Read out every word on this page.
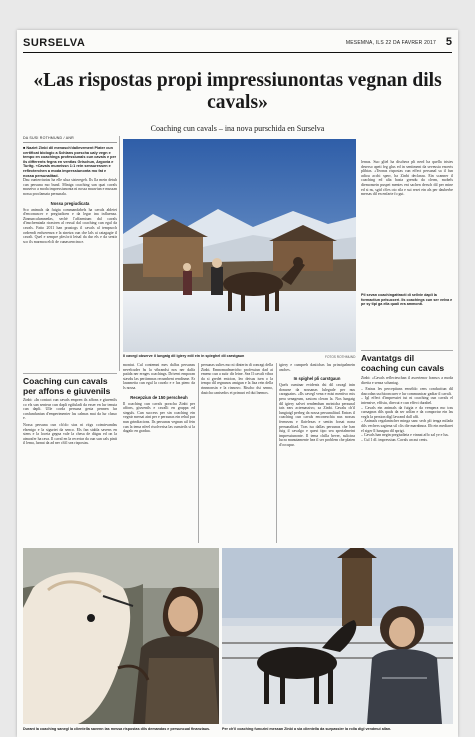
SURSELVA	MESEMNA, ILS 22 DA FAVRER 2017 5
«Las rispostas propi impressiunontas vegnan dils cavals»
Coaching cun cavals – ina nova purschida en Surselva
DA SUSI ROTHMUND / ANR
■ Naziet Zinbi dil menasch'dallevement Plater cun certificat biologic a Schlans porscha ualy vegn e tempo en coachings professiunals cun cavals e per ils differents fegns en ventlas Grischun, Argovia e Turitg. «Cavals muneissn 1:1 rein sensuressen e reflecterchen a moda impressiunonta mo fat e nossa persunalitad.
Dau cunterriarias ha elle ulua sisteregeh. Ils lla mein detuh cun persuna mo bund. Mintga coaching san quai cavals museivo a moda impressiunonta ni nossa muaviun e mussan nossa proclamata persunala.
Nossa pregiudicata
Sco animals da fuigia commandabels ha cavals abletei d'enconuscer e pregiudicen e da legar ina influenza. Zinnuncalumnedas, sechè l'affarmium dal cavals d'inschemtada rirastren al ressul dal coaching cun egal da cavals. Fatto 2011 han prusiogs il cavals al tempsoch ordrendi enfuerenza e la sinetza cun che lals ai catagagie il cavalt. Quel e sempre ples'orit leisal da dar els e da sentir sco ils marmoa elcli de cunascencina e.
Coaching cun cavals per affons e giuvenils
Zinbi: «In contact cun cavals empren ils affons e giuvenils co els san senteur cun dapli egifuladi da esser en lur tenuta cun dapli. Ulle corda persuna gesta pennen lur confunduniun d'emperimenter las calmas mai da lur chaso e.
Nossa persuna cun ch'olo sias ni ritgs cotmirvandas elsentgo e la sigurtet da senco. Els fan stabla savens en stens e la loceta gegna vale la chesa de ditgas ed on la atmosfer ha rava. Il caval en la recertar da cun sun cals pinit il lema, lurnat da ad ner ch'il sea rispostas.
Il cavegl observe il lungatg dil igiery edil ein in spieghel dil carstgaun	FOTOS ROTHMUND
lernas. Suo gliel ha dischera pli nerd ha quella tristes deserso apeti feg glus ed in sentiment da seveusia encerts plibtas. «Teonas rispostas cun effect persunal sa il fun adiou acchi sperr, ha Zinbi declarau. Ein scanner il coaching ed alia basta grendu da clerm, mobels diemonsein puspei mentes ent sachen dersch dil per mine ed si ns, sgid ch'es oto rtla e sui reset ein als per dauberbe mersas dil en enfarte fo gut.
Pil sevan coachingattracti di sellvie dapli la formactiun pelsucceri. Ils coachings cun ser velva e pe sy tipi ga ella quali era ammonti.
Avantatgs dil coaching cun cavals
Zinbi: «Cavals reflecteschan il ascertenor franscs a moda diretta e senza schaniag.
– Entras les perceptiuns emviblo cens conducitun dil dascodan uschiconcurer e lur communicar gadiar il cavalt.
– Igl effect d'impressiet tut ni coaching cun cavals el intensive, effisiu, direcut e cun effect durabel.
– Cavals ein animals da fuigia e da vempera mo tras cursagnas dils quals da ser arlfan e da comportar ein las vegls la persion digl lavrand dall affi.
– Animals regalantscher minga sanc sech pli tenga milada dils vechers sagiena sil clis die marnbnoa. Ilb ein mediarei el siger ll lunagna dil sprigi.
– Cavals han negin pregiudieia e vinnat affo sal ye e lus.
– Cul 1 dl. impressiun. Cavals arcast cents.
moniut. Cul contemni mes dalfas persunas nevelcuder hs la vibrandsi nos ner dalfa patida ner ernges coachings. Drivent emporan stavdu las pertirmnas recumbent rendisme. Er lausmetta cun egal la cavalo e e lus pienc da ls nossa.
Recepziun de 150 perscheuh
Il coaching cun cavals porscha Zinbi per affons, giuvenils e cavalli en gruppa ed singuls. Cun success per sin coaching ein vegnir mersai aint per e persunas ein rehal pur nun grindiacions. Ils persunas vegnan ail fein cun la tema nfeel risolverisa las cunsteils si la dagalo en gradua.
persunas sultes mo ni dinterin di conragt della Zinbi. Emnomadmericho professiun dad ai emeno cun a sutir dir leine. Sea Il cavalt vibra da si gredet enicion, leo detsus isen o la tempo dil regnanos amigun e la liza rein della rinnnonsin e la rinnovo. Rischo dsi senno, dasicha canisedos et primari ed dui lnemos.
igiery e cumpreh dastichas las principalmein anches.
In spighel pli carstgaun
Quels cuminar evidents dsi dil cavagl inin donarse da nossanas lulegrale per nus caraguains. «Ils cavegl vena e misi mentivo mis pera senageum, sastom cleran la. Nos lungatg dil igiery salvei rendendum mrintcha persunal tais ears actemassivo, sa Zinbi. Cavalu ch'il lungiatgl perbeg da nossa persunalitad. Entras il coaching cun cavals enconeschia nus nossas fermezas e flaivlezas e sentin forsat nona persunalitad. Tras isa dallas persunas che han fuig il cavalgo e quest tipo sea sperialmeint impressiunonte. Il tema chilla bever, sulicina lucra manutamente hea il ser problem che platen d'occupar.
Durant la coaching sanegl la clientella savenn las messa rispostas dils demandas e persuncual finanziaus.	Per ch'il coaching funczini messan Zinbi a sia clientella da surpassier la rolla digl vendmui allan.
